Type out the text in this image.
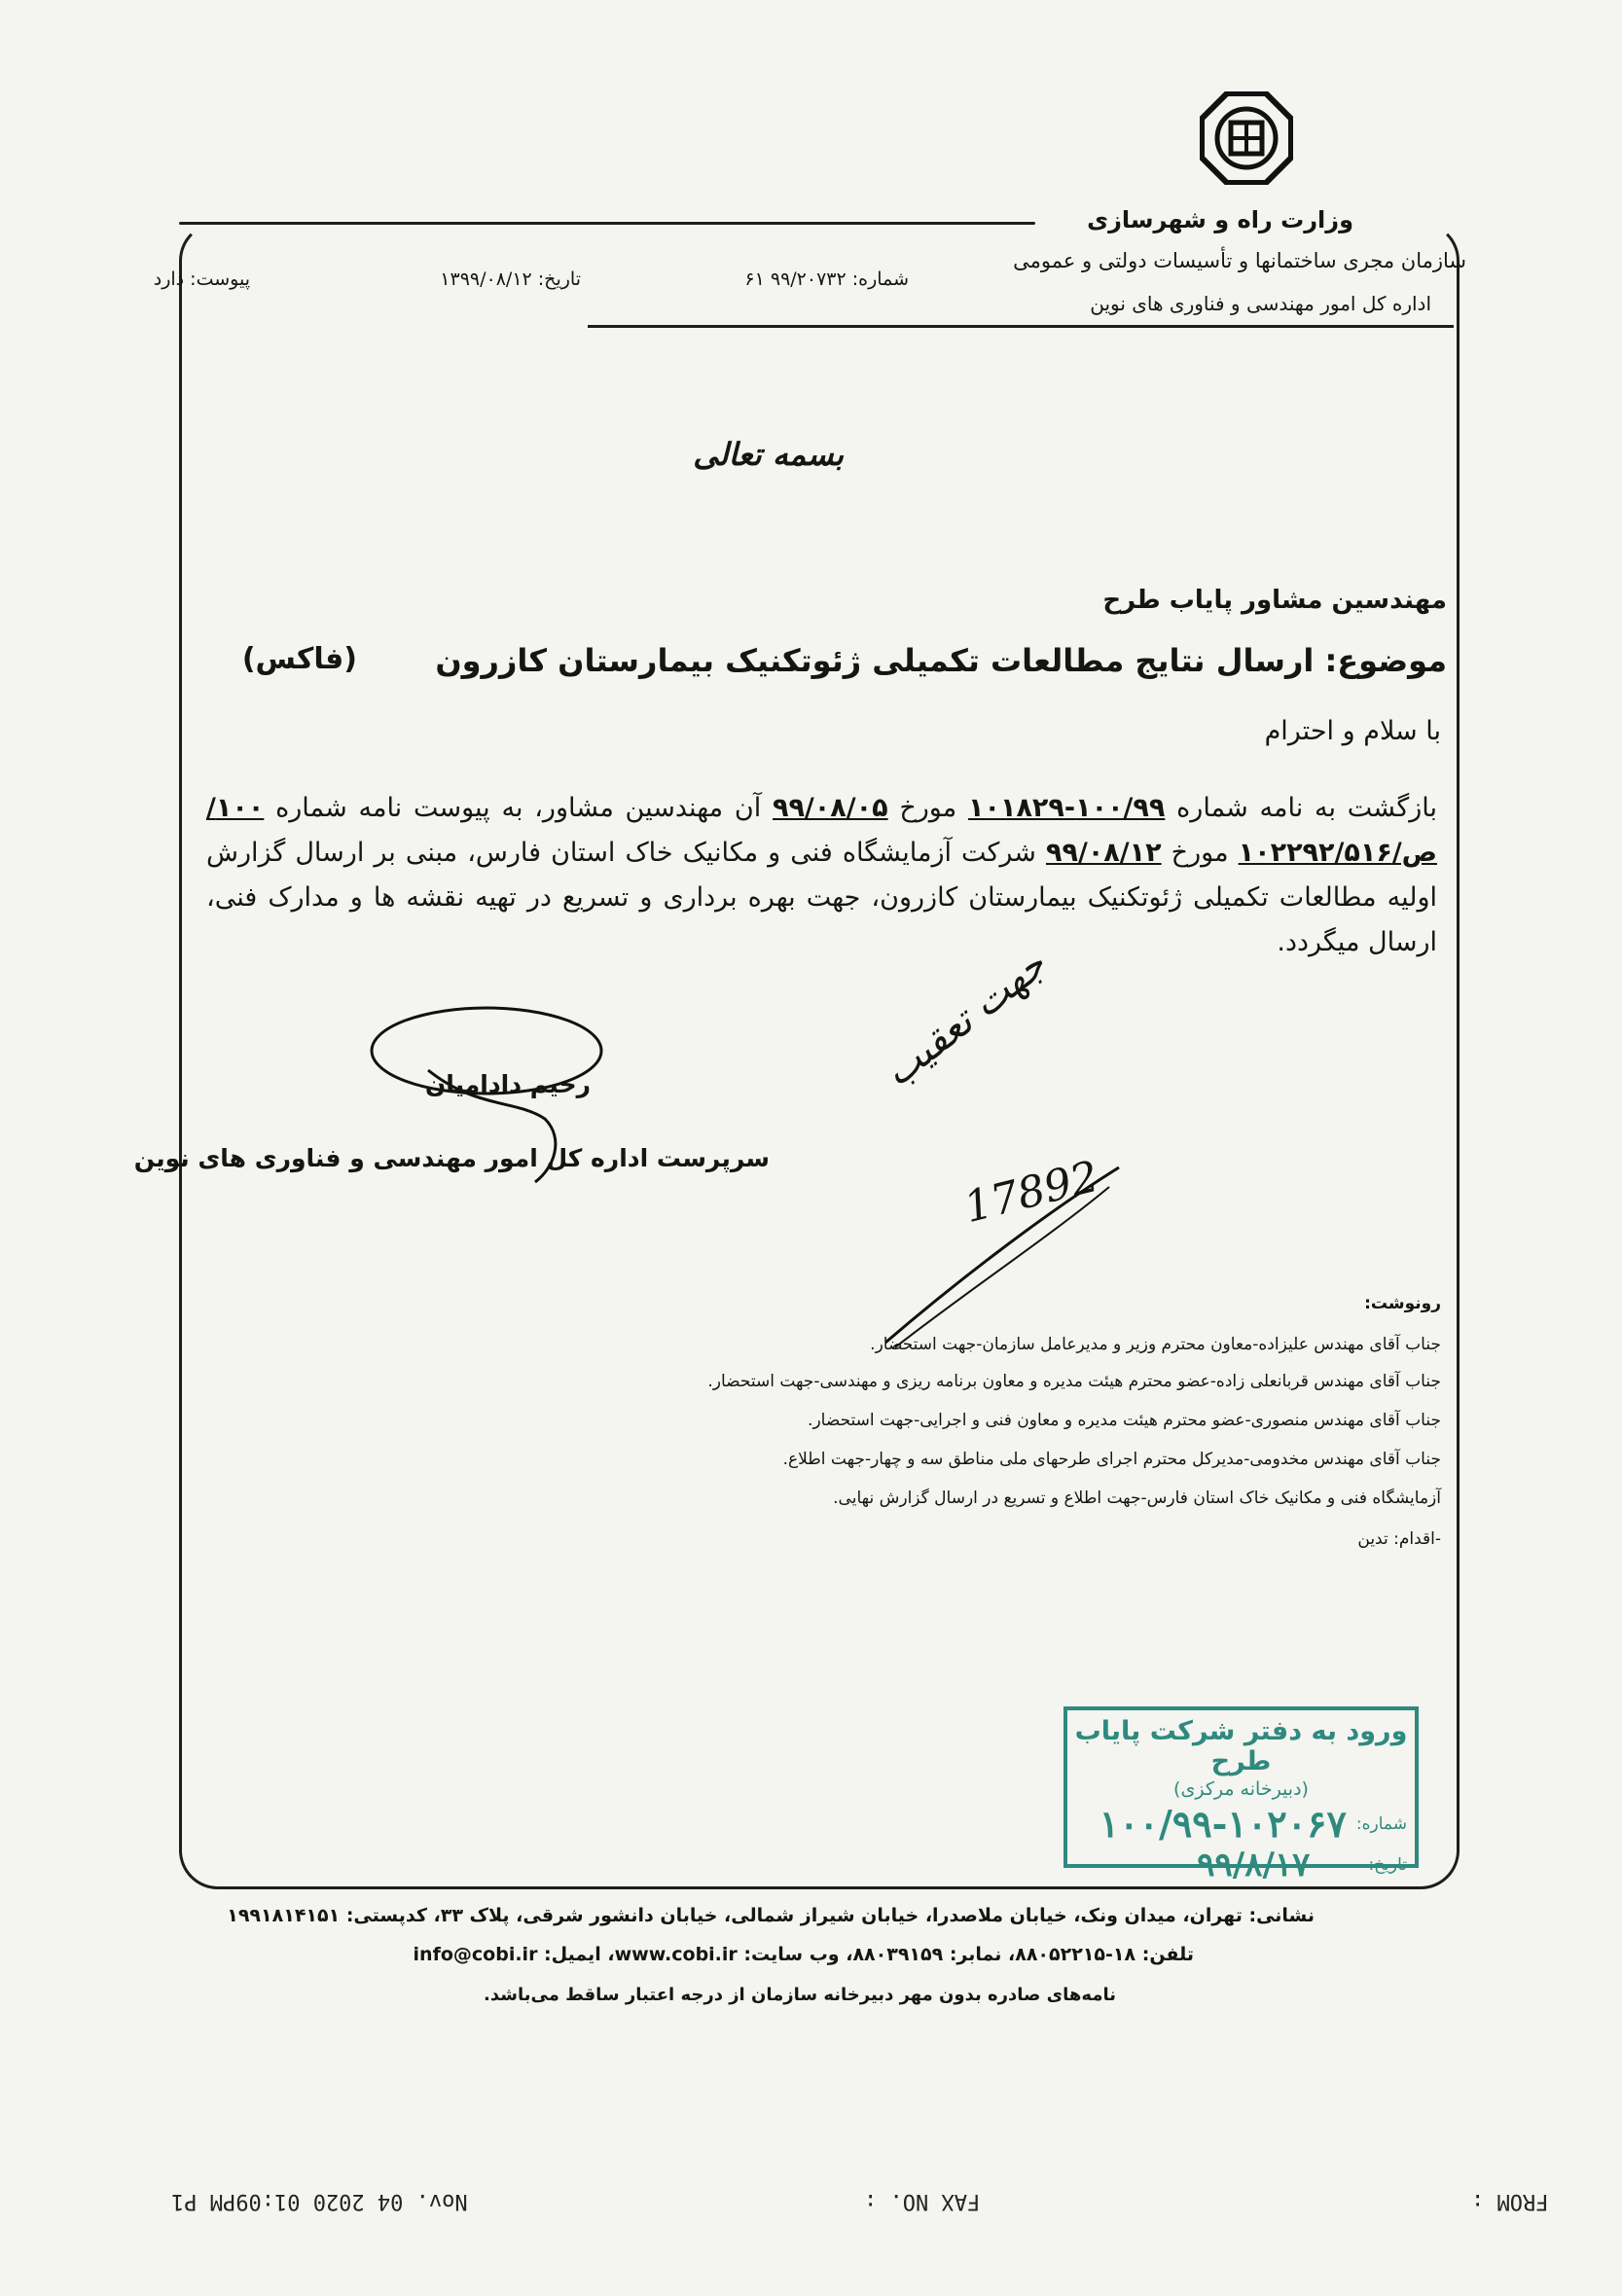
وزارت راه و شهرسازی
سازمان مجری ساختمانها و تأسیسات دولتی و عمومی
اداره کل امور مهندسی و فناوری های نوین
شماره: ۹۹/۲۰۷۳۲ ۶۱
تاریخ: ۱۳۹۹/۰۸/۱۲
پیوست: دارد
بسمه تعالی
مهندسین مشاور پایاب طرح
موضوع: ارسال نتایج مطالعات تکمیلی ژئوتکنیک بیمارستان کازرون
(فاکس)
با سلام و احترام
بازگشت به نامه شماره ۱۰۰/۹۹-۱۰۱۸۲۹ مورخ ۹۹/۰۸/۰۵ آن مهندسین مشاور، به پیوست نامه شماره ۱۰۰/ص/۱۰۲۲۹۲/۵۱۶ مورخ ۹۹/۰۸/۱۲ شرکت آزمایشگاه فنی و مکانیک خاک استان فارس، مبنی بر ارسال گزارش اولیه مطالعات تکمیلی ژئوتکنیک بیمارستان کازرون، جهت بهره برداری و تسریع در تهیه نقشه ها و مدارک فنی، ارسال میگردد.
رحیم دادامیان
سرپرست اداره کل امور مهندسی و فناوری های نوین
جهت تعقیب
17892
رونوشت:
جناب آقای مهندس علیزاده-معاون محترم وزیر و مدیرعامل سازمان-جهت استحضار.
جناب آقای مهندس قربانعلی زاده-عضو محترم هیئت مدیره و معاون برنامه ریزی و مهندسی-جهت استحضار.
جناب آقای مهندس منصوری-عضو محترم هیئت مدیره و معاون فنی و اجرایی-جهت استحضار.
جناب آقای مهندس مخدومی-مدیرکل محترم اجرای طرحهای ملی مناطق سه و چهار-جهت اطلاع.
آزمایشگاه فنی و مکانیک خاک استان فارس-جهت اطلاع و تسریع در ارسال گزارش نهایی.
-اقدام: تدین
ورود به دفتر شرکت پایاب طرح
(دبیرخانه مرکزی)
شماره:
۱۰۰/۹۹-۱۰۲۰۶۷
تاریخ:
۹۹/۸/۱۷
نشانی: تهران، میدان ونک، خیابان ملاصدرا، خیابان شیراز شمالی، خیابان دانشور شرقی، پلاک ۳۳، کدپستی: ۱۹۹۱۸۱۴۱۵۱
تلفن: ۱۸-۸۸۰۵۲۲۱۵، نمابر: ۸۸۰۳۹۱۵۹، وب سایت: www.cobi.ir، ایمیل: info@cobi.ir
نامه‌های صادره بدون مهر دبیرخانه سازمان از درجه اعتبار ساقط می‌باشد.
FROM :
FAX NO. :
Nov. 04 2020 01:09PM P1
